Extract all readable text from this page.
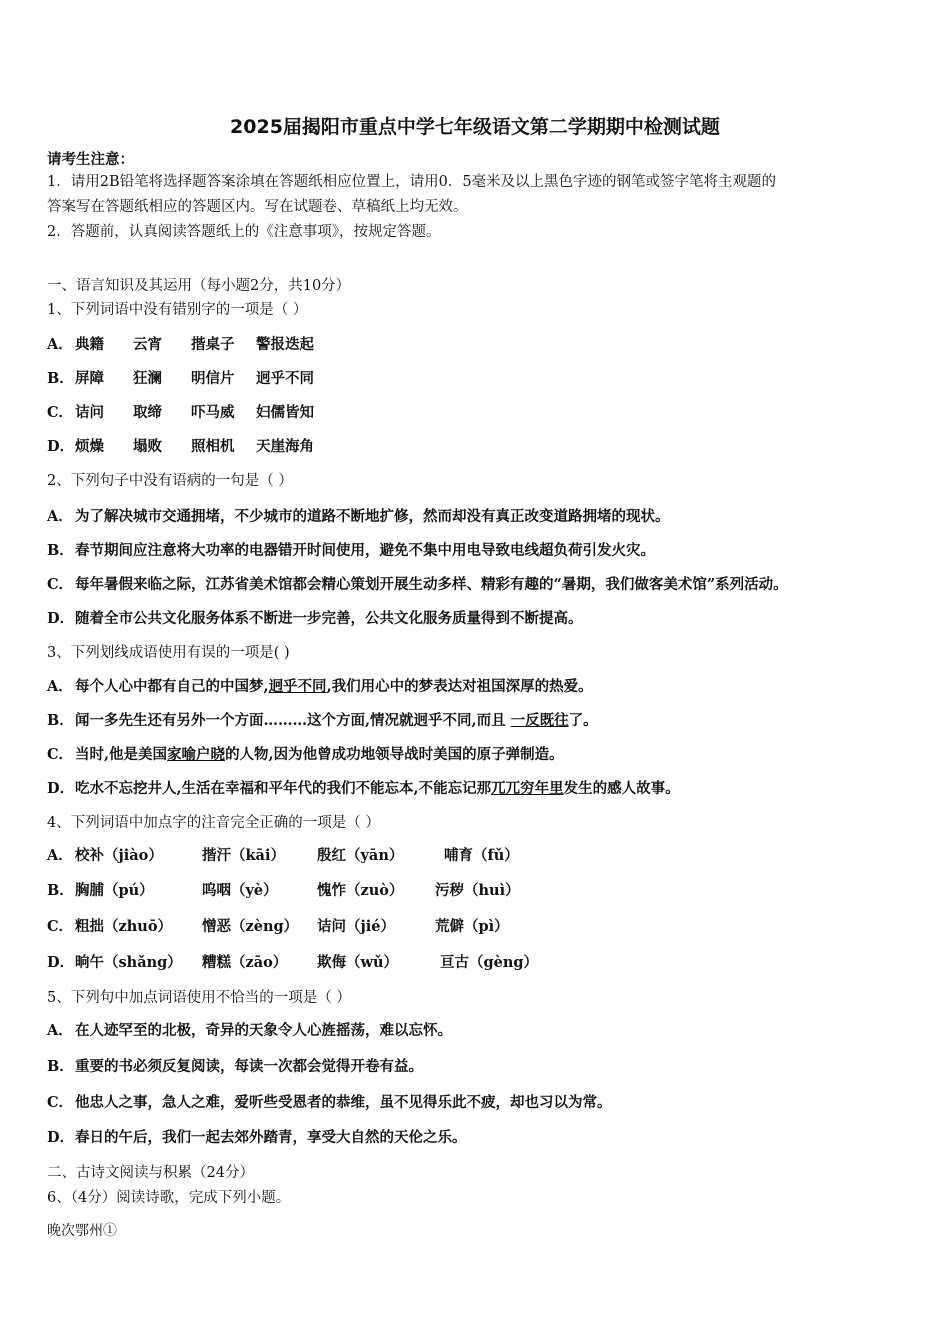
2025届揭阳市重点中学七年级语文第二学期期中检测试题

请考生注意：

1．请用2B铅笔将选择题答案涂填在答题纸相应位置上，请用0．5毫米及以上黑色字迹的钢笔或签字笔将主观题的

答案写在答题纸相应的答题区内。写在试题卷、草稿纸上均无效。

2．答题前，认真阅读答题纸上的《注意事项》，按规定答题。

一、语言知识及其运用（每小题2分，共10分）
1、下列词语中没有错别字的一项是（ ）
A． 典籍 云宵 揩桌子 警报迭起
B．屏障 狂澜 明信片 迥乎不同
C． 诘问 取缔 吓马威 妇儒皆知
D．烦燥 塌败 照相机 天崖海角
2、下列句子中没有语病的一句是（ ）
A． 为了解决城市交通拥堵，不少城市的道路不断地扩修，然而却没有真正改变道路拥堵的现状。
B．春节期间应注意将大功率的电器错开时间使用，避免不集中用电导致电线超负荷引发火灾。
C． 每年暑假来临之际，江苏省美术馆都会精心策划开展生动多样、精彩有趣的“暑期，我们做客美术馆”系列活动。
D．随着全市公共文化服务体系不断进一步完善，公共文化服务质量得到不断提高。
3、下列划线成语使用有误的一项是( )
A． 每个人心中都有自己的中国梦,迥乎不同,我们用心中的梦表达对祖国深厚的热爱。
B．闻一多先生还有另外一个方面………这个方面,情况就迥乎不同,而且 一反既往了。
C． 当时,他是美国家喻户晓的人物,因为他曾成功地领导战时美国的原子弹制造。
D．吃水不忘挖井人,生活在幸福和平年代的我们不能忘本,不能忘记那兀兀穷年里发生的感人故事。
4、下列词语中加点字的注音完全正确的一项是（ ）
A． 校补（jiào）	揩汗（kāi） 殷红（yān）	哺育（fǔ）
B．胸脯（pú）	呜咽（yè）	愧怍（zuò） 污秽（huì）
C． 粗拙（zhuō） 憎恶（zèng） 诘问（jié）	荒僻（pì）
D．晌午（shǎng） 糟糕（zāo） 欺侮（wǔ）	亘古（gèng）
5、下列句中加点词语使用不恰当的一项是（ ）
A． 在人迹罕至的北极，奇异的天象令人心旌摇荡，难以忘怀。
B．重要的书必须反复阅读，每读一次都会觉得开卷有益。
C． 他忠人之事，急人之难，爱听些受恩者的恭维，虽不见得乐此不疲，却也习以为常。
D．春日的午后，我们一起去郊外踏青，享受大自然的天伦之乐。
二、古诗文阅读与积累（24分）
6、（4分）阅读诗歌，完成下列小题。
晚次鄂州①
